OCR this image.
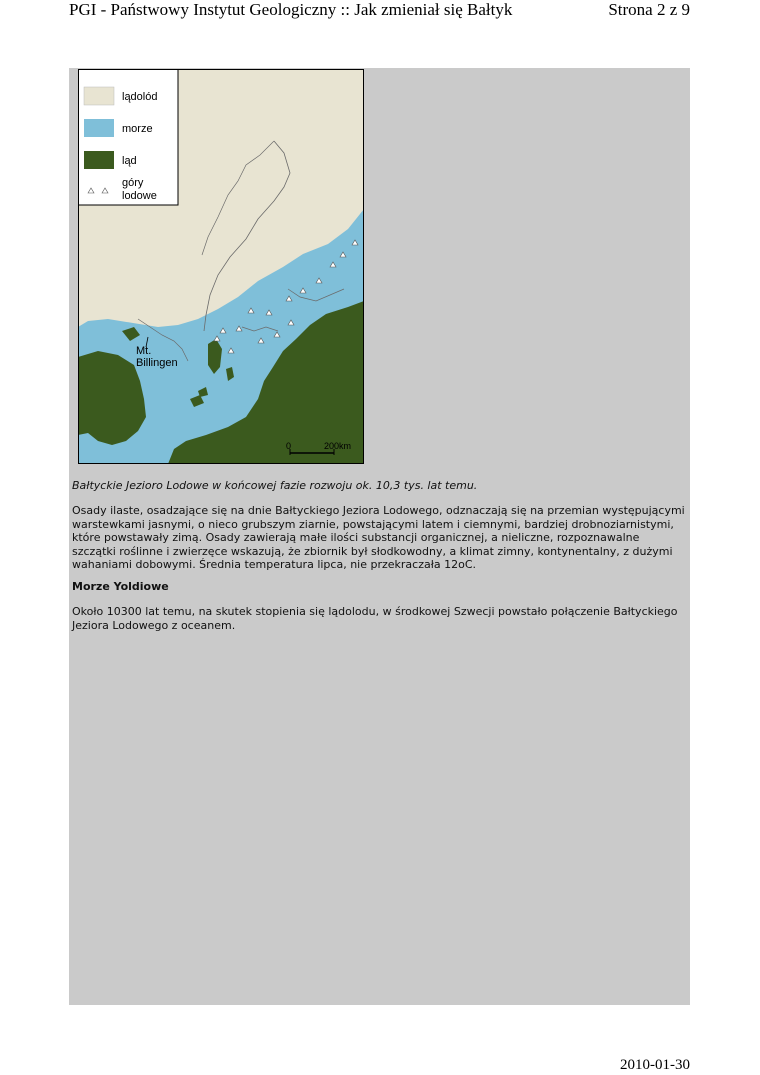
PGI - Państwowy Instytut Geologiczny :: Jak zmieniał się Bałtyk	Strona 2 z 9
lądolód
morze
ląd
góry
lodowe
Mt.
Billingen
0	200km
Bałtyckie Jezioro Lodowe w końcowej fazie rozwoju ok. 10,3 tys. lat temu.
Osady ilaste, osadzające się na dnie Bałtyckiego Jeziora Lodowego, odznaczają się na przemian występującymi warstewkami jasnymi, o nieco grubszym ziarnie, powstającymi latem i ciemnymi, bardziej drobnoziarnistymi, które powstawały zimą. Osady zawierają małe ilości substancji organicznej, a nieliczne, rozpoznawalne szczątki roślinne i zwierzęce wskazują, że zbiornik był słodkowodny, a klimat zimny, kontynentalny, z dużymi wahaniami dobowymi. Średnia temperatura lipca, nie przekraczała 12oC.
Morze Yoldiowe
Około 10300 lat temu, na skutek stopienia się lądolodu, w środkowej Szwecji powstało połączenie Bałtyckiego Jeziora Lodowego z oceanem.
2010-01-30
